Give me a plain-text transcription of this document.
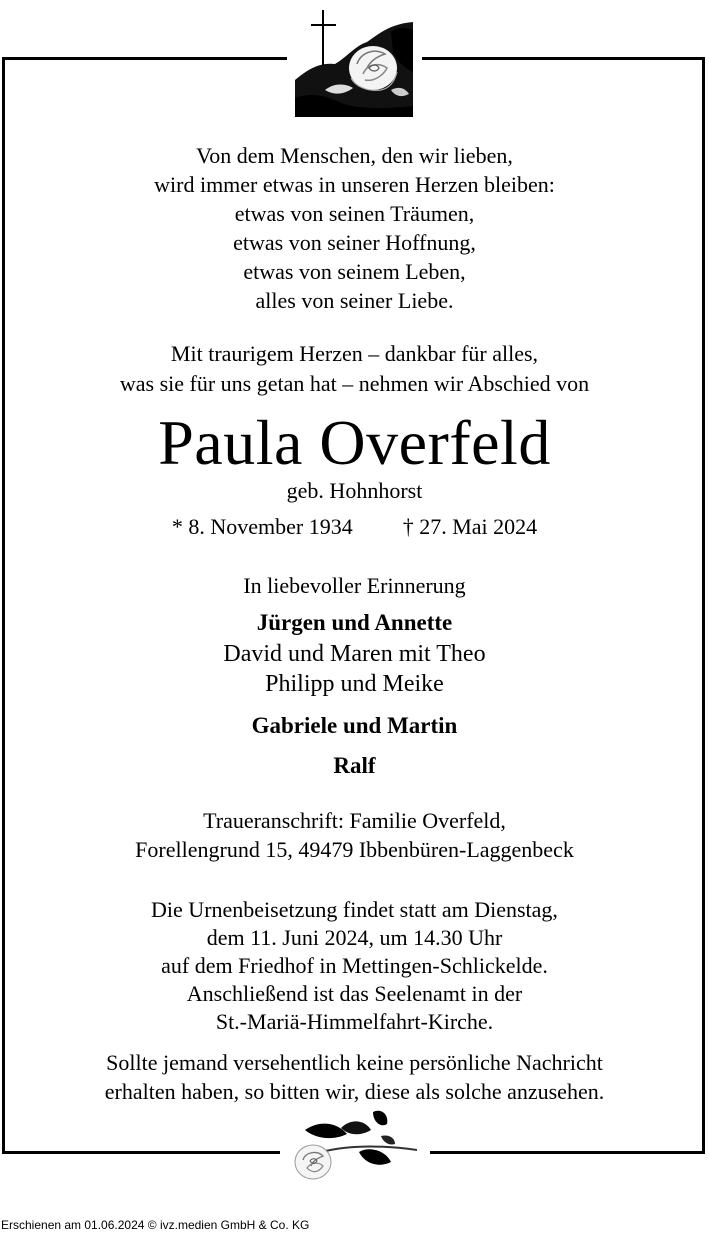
Von dem Menschen, den wir lieben,
wird immer etwas in unseren Herzen bleiben:
etwas von seinen Träumen,
etwas von seiner Hoffnung,
etwas von seinem Leben,
alles von seiner Liebe.
Mit traurigem Herzen – dankbar für alles,
was sie für uns getan hat – nehmen wir Abschied von
Paula Overfeld
geb. Hohnhorst
* 8. November 1934 † 27. Mai 2024
In liebevoller Erinnerung
Jürgen und Annette
David und Maren mit Theo
Philipp und Meike
Gabriele und Martin
Ralf
Traueranschrift: Familie Overfeld,
Forellengrund 15, 49479 Ibbenbüren-Laggenbeck
Die Urnenbeisetzung findet statt am Dienstag,
dem 11. Juni 2024, um 14.30 Uhr
auf dem Friedhof in Mettingen-Schlickelde.
Anschließend ist das Seelenamt in der
St.-Mariä-Himmelfahrt-Kirche.
Sollte jemand versehentlich keine persönliche Nachricht
erhalten haben, so bitten wir, diese als solche anzusehen.
Erschienen am 01.06.2024 © ivz.medien GmbH & Co. KG
